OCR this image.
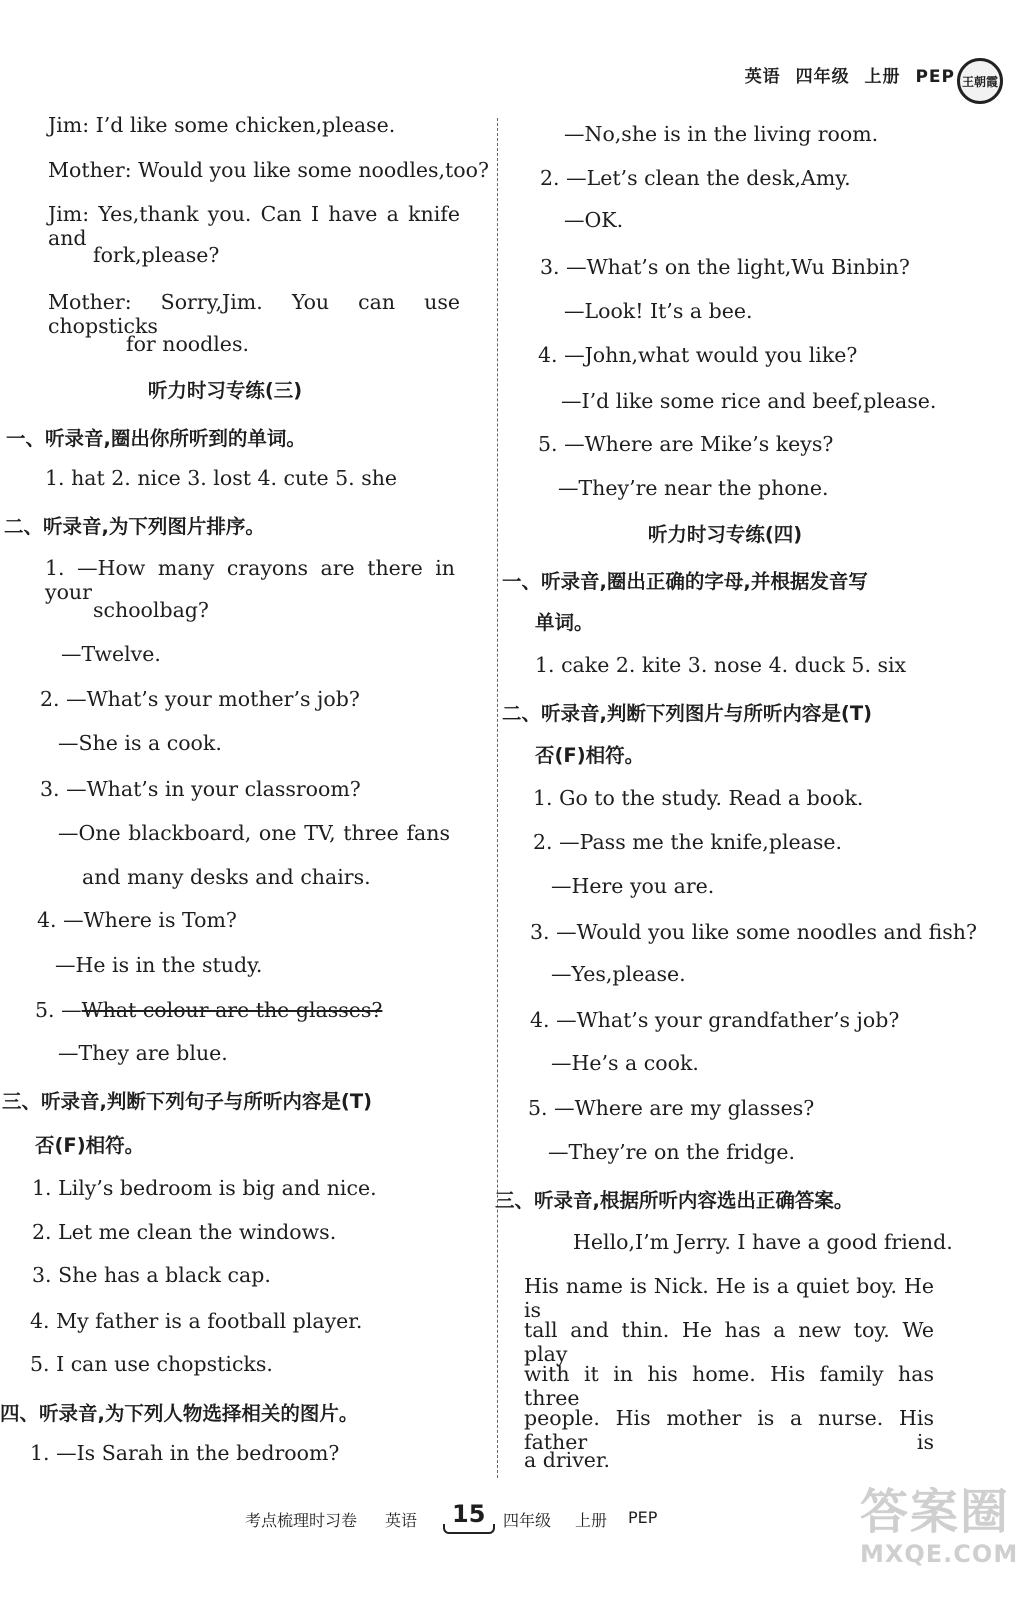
英语 四年级 上册 PEP 王朝霞
Jim: I’d like some chicken,please.
Mother: Would you like some noodles,too?
Jim: Yes,thank you. Can I have a knife and
fork,please?
Mother: Sorry,Jim. You can use chopsticks
for noodles.
听力时习专练(三)
一、听录音,圈出你所听到的单词。
1. hat 2. nice 3. lost 4. cute 5. she
二、听录音,为下列图片排序。
1. —How many crayons are there in your
schoolbag?
—Twelve.
2. —What’s your mother’s job?
—She is a cook.
3. —What’s in your classroom?
—One blackboard, one TV, three fans
and many desks and chairs.
4. —Where is Tom?
—He is in the study.
5. —What colour are the glasses?
—They are blue.
三、听录音,判断下列句子与所听内容是(T)
否(F)相符。
1. Lily’s bedroom is big and nice.
2. Let me clean the windows.
3. She has a black cap.
4. My father is a football player.
5. I can use chopsticks.
四、听录音,为下列人物选择相关的图片。
1. —Is Sarah in the bedroom?
—No,she is in the living room.
2. —Let’s clean the desk,Amy.
—OK.
3. —What’s on the light,Wu Binbin?
—Look! It’s a bee.
4. —John,what would you like?
—I’d like some rice and beef,please.
5. —Where are Mike’s keys?
—They’re near the phone.
听力时习专练(四)
一、听录音,圈出正确的字母,并根据发音写
单词。
1. cake 2. kite 3. nose 4. duck 5. six
二、听录音,判断下列图片与所听内容是(T)
否(F)相符。
1. Go to the study. Read a book.
2. —Pass me the knife,please.
—Here you are.
3. —Would you like some noodles and fish?
—Yes,please.
4. —What’s your grandfather’s job?
—He’s a cook.
5. —Where are my glasses?
—They’re on the fridge.
三、听录音,根据所听内容选出正确答案。
Hello,I’m Jerry. I have a good friend.
His name is Nick. He is a quiet boy. He is
tall and thin. He has a new toy. We play
with it in his home. His family has three
people. His mother is a nurse. His father is
a driver.
考点梳理时习卷 英语 15 四年级 上册 PEP	答案圈
MXQE.COM
